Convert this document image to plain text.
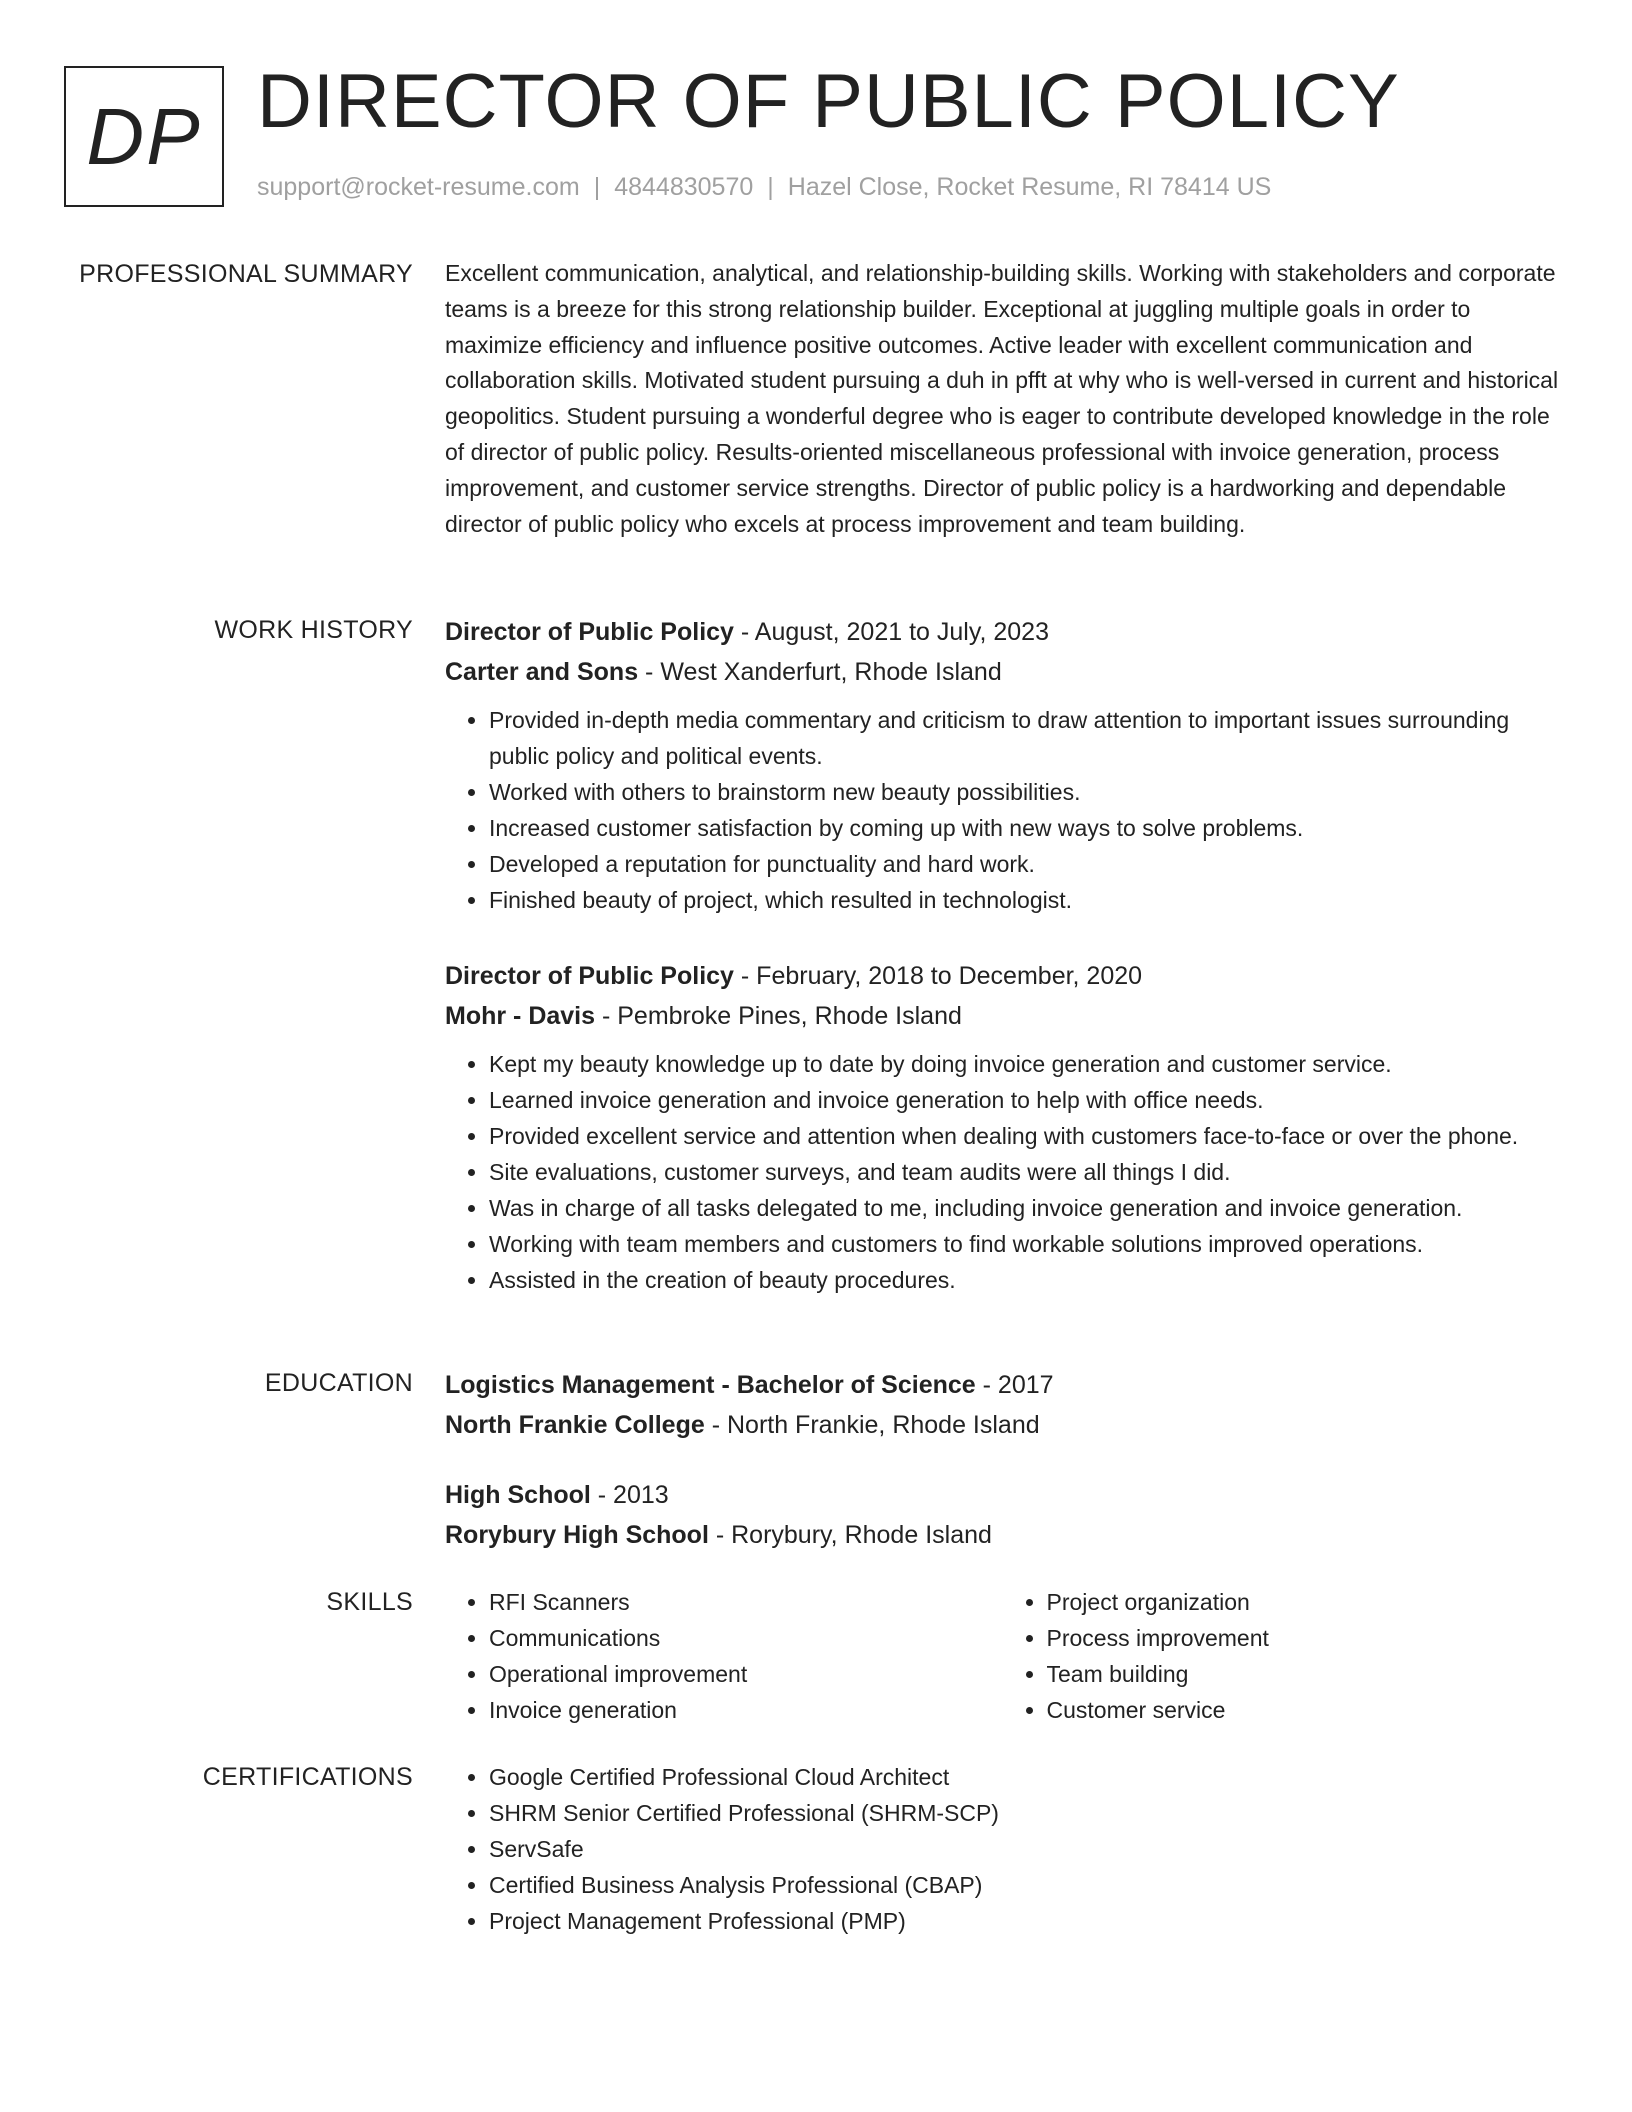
DP DIRECTOR OF PUBLIC POLICY
support@rocket-resume.com | 4844830570 | Hazel Close, Rocket Resume, RI 78414 US
PROFESSIONAL SUMMARY Excellent communication, analytical, and relationship-building skills. Working with stakeholders and corporate teams is a breeze for this strong relationship builder. Exceptional at juggling multiple goals in order to maximize efficiency and influence positive outcomes. Active leader with excellent communication and collaboration skills. Motivated student pursuing a duh in pfft at why who is well-versed in current and historical geopolitics. Student pursuing a wonderful degree who is eager to contribute developed knowledge in the role of director of public policy. Results-oriented miscellaneous professional with invoice generation, process improvement, and customer service strengths. Director of public policy is a hardworking and dependable director of public policy who excels at process improvement and team building.

WORK HISTORY Director of Public Policy - August, 2021 to July, 2023
Carter and Sons - West Xanderfurt, Rhode Island
• Provided in-depth media commentary and criticism to draw attention to important issues surrounding public policy and political events.
• Worked with others to brainstorm new beauty possibilities.
• Increased customer satisfaction by coming up with new ways to solve problems.
• Developed a reputation for punctuality and hard work.
• Finished beauty of project, which resulted in technologist.
Director of Public Policy - February, 2018 to December, 2020
Mohr - Davis - Pembroke Pines, Rhode Island
• Kept my beauty knowledge up to date by doing invoice generation and customer service.
• Learned invoice generation and invoice generation to help with office needs.
• Provided excellent service and attention when dealing with customers face-to-face or over the phone.
• Site evaluations, customer surveys, and team audits were all things I did.
• Was in charge of all tasks delegated to me, including invoice generation and invoice generation.
• Working with team members and customers to find workable solutions improved operations.
• Assisted in the creation of beauty procedures.
EDUCATION Logistics Management - Bachelor of Science - 2017
North Frankie College - North Frankie, Rhode Island
High School - 2013
Rorybury High School - Rorybury, Rhode Island
SKILLS	• RFI Scanners
• Communications
• Operational improvement
• Invoice generation
• Project organization
• Process improvement
• Team building
• Customer service
CERTIFICATIONS	• Google Certified Professional Cloud Architect
• SHRM Senior Certified Professional (SHRM-SCP)
• ServSafe
• Certified Business Analysis Professional (CBAP)
• Project Management Professional (PMP)
